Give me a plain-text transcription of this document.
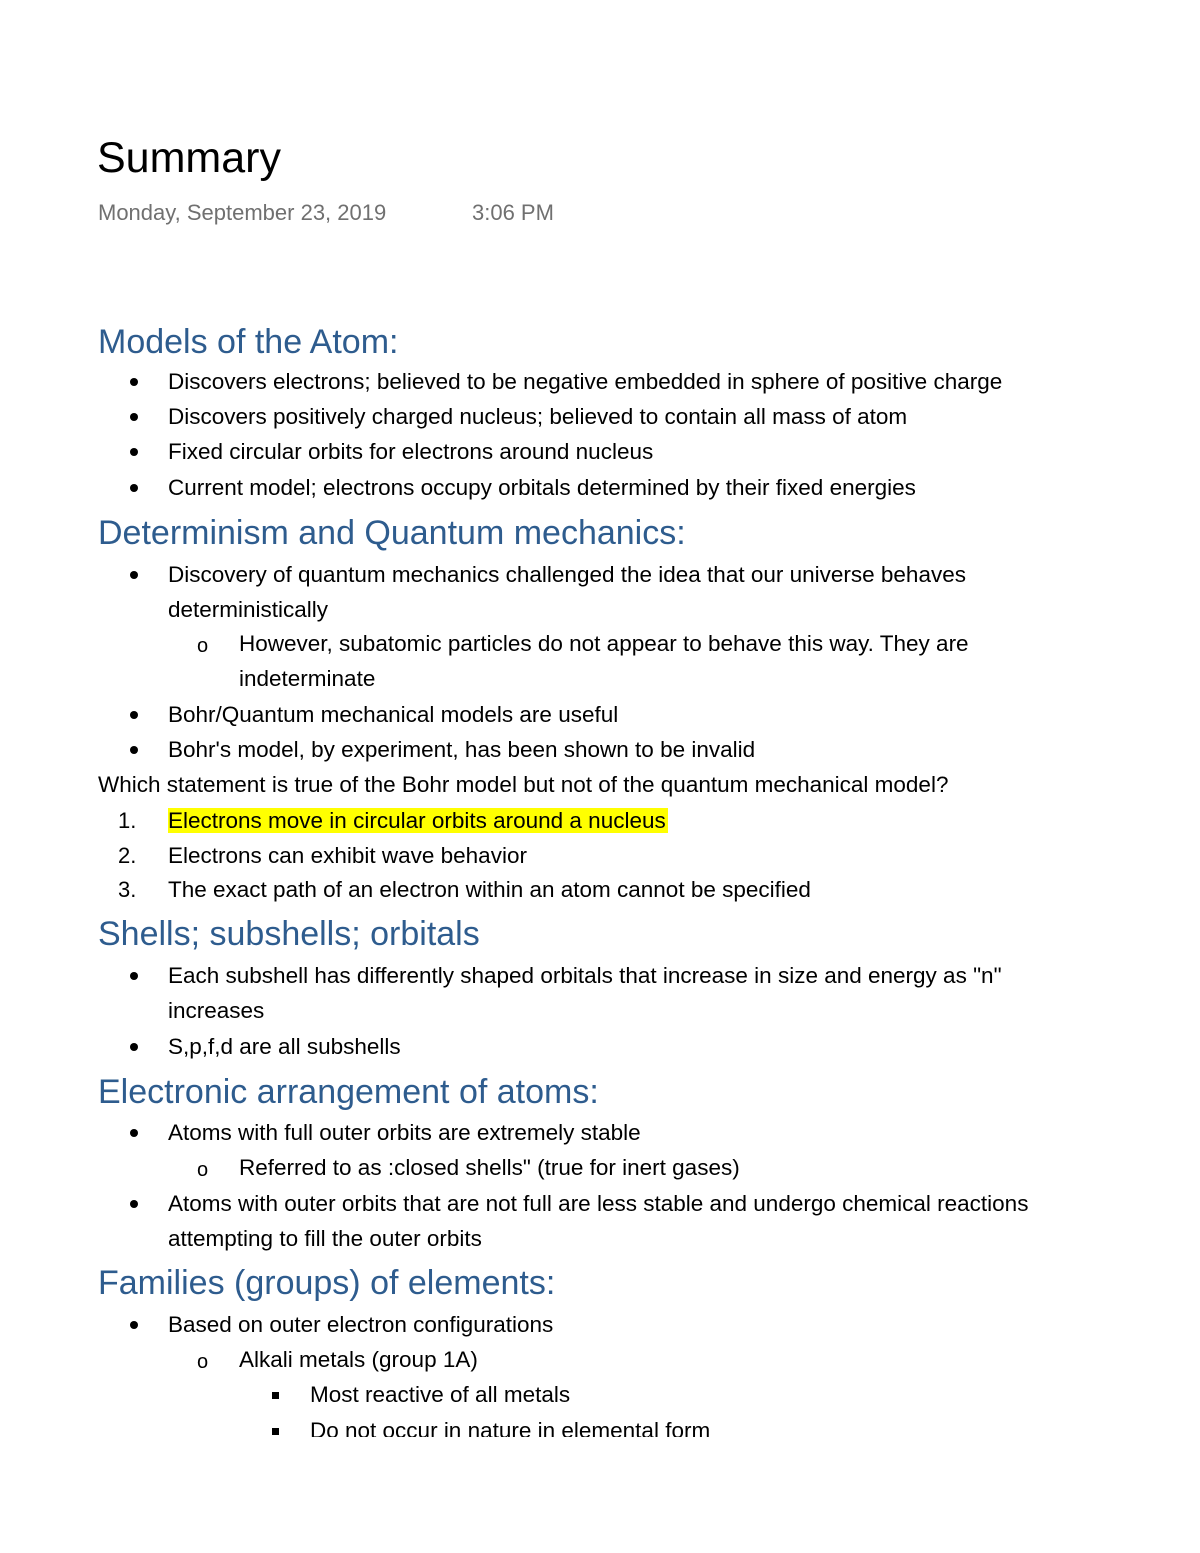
Summary
Monday, September 23, 2019	3:06 PM
Models of the Atom:
Discovers electrons; believed to be negative embedded in sphere of positive charge
Discovers positively charged nucleus; believed to contain all mass of atom
Fixed circular orbits for electrons around nucleus
Current model; electrons occupy orbitals determined by their fixed energies
Determinism and Quantum mechanics:
Discovery of quantum mechanics challenged the idea that our universe behaves
deterministically
o However, subatomic particles do not appear to behave this way. They are
indeterminate
Bohr/Quantum mechanical models are useful
Bohr's model, by experiment, has been shown to be invalid
Which statement is true of the Bohr model but not of the quantum mechanical model?
1. Electrons move in circular orbits around a nucleus
2. Electrons can exhibit wave behavior
3. The exact path of an electron within an atom cannot be specified
Shells; subshells; orbitals
Each subshell has differently shaped orbitals that increase in size and energy as "n"
increases
S,p,f,d are all subshells
Electronic arrangement of atoms:
Atoms with full outer orbits are extremely stable
o Referred to as :closed shells" (true for inert gases)
Atoms with outer orbits that are not full are less stable and undergo chemical reactions
attempting to fill the outer orbits
Families (groups) of elements:
Based on outer electron configurations
o Alkali metals (group 1A)
Most reactive of all metals
Do not occur in nature in elemental form
